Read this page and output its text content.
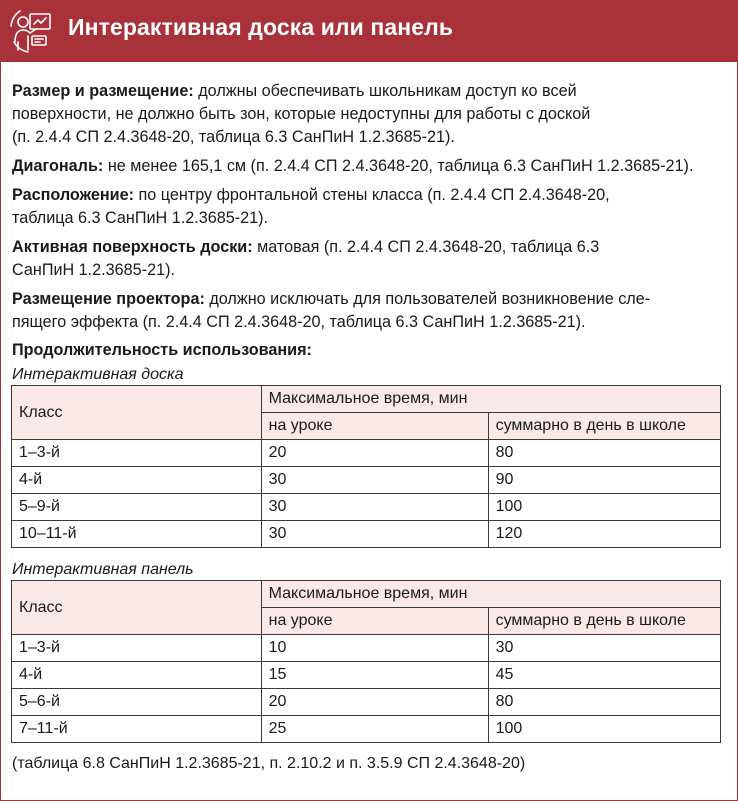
Интерактивная доска или панель

Размер и размещение: должны обеспечивать школьникам доступ ко всей
поверхности, не должно быть зон, которые недоступны для работы с доской
(п. 2.4.4 СП 2.4.3648-20, таблица 6.3 СанПиН 1.2.3685-21).

Диагональ: не менее 165,1 см (п. 2.4.4 СП 2.4.3648-20, таблица 6.3 СанПиН 1.2.3685-21).

Расположение: по центру фронтальной стены класса (п. 2.4.4 СП 2.4.3648-20,
таблица 6.3 СанПиН 1.2.3685-21).

Активная поверхность доски: матовая (п. 2.4.4 СП 2.4.3648-20, таблица 6.3
СанПиН 1.2.3685-21).

Размещение проектора: должно исключать для пользователей возникновение сле-
пящего эффекта (п. 2.4.4 СП 2.4.3648-20, таблица 6.3 СанПиН 1.2.3685-21).

Продолжительность использования:
Интерактивная доска
Класс	Максимальное время, мин	
	на уроке	суммарно в день в школе
1–3-й	20	80
4-й	30	90
5–9-й	30	100
10–11-й	30	120
Интерактивная панель
Класс	Максимальное время, мин	
	на уроке	суммарно в день в школе
1–3-й	10	30
4-й	15	45
5–6-й	20	80
7–11-й	25	100
(таблица 6.8 СанПиН 1.2.3685-21, п. 2.10.2 и п. 3.5.9 СП 2.4.3648-20)
